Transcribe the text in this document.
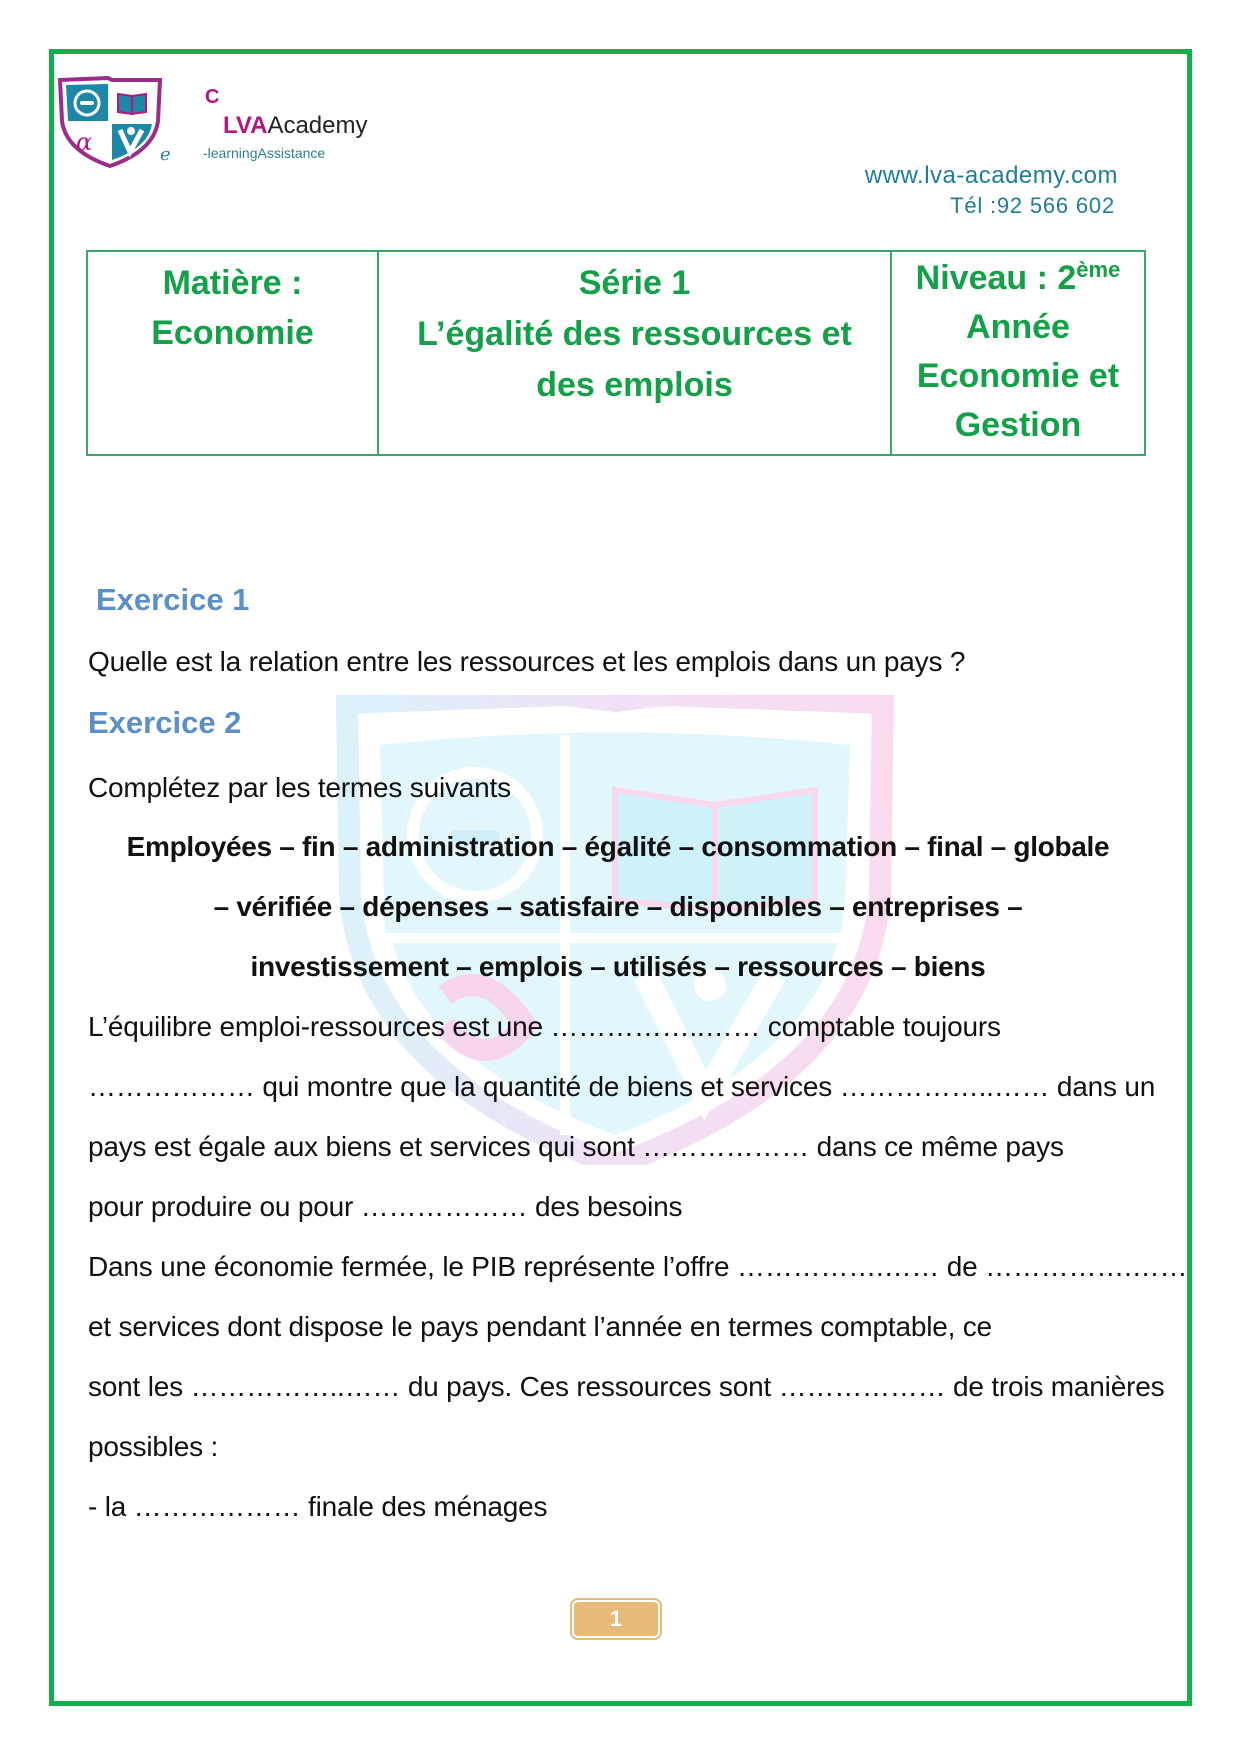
α
C
LVAAcademy
e -learningAssistance
www.lva-academy.com
Tél :92 566 602
Matière :
Economie
Série 1
L’égalité des ressources et
des emplois
Niveau : 2ème
Année
Economie et
Gestion
Exercice 1
Quelle est la relation entre les ressources et les emplois dans un pays ?
Exercice 2
Complétez par les termes suivants
Employées – fin – administration – égalité – consommation – final – globale
– vérifiée – dépenses – satisfaire – disponibles – entreprises –
investissement – emplois – utilisés – ressources – biens
L’équilibre emploi-ressources est une ……………..…… comptable toujours
……………… qui montre que la quantité de biens et services ……………..…… dans un
pays est égale aux biens et services qui sont ……………… dans ce même pays
pour produire ou pour ……………… des besoins
Dans une économie fermée, le PIB représente l’offre …………….…… de …………….……
et services dont dispose le pays pendant l’année en termes comptable, ce
sont les ……………..…… du pays. Ces ressources sont ……………… de trois manières
possibles :
- la ……………… finale des ménages
1
